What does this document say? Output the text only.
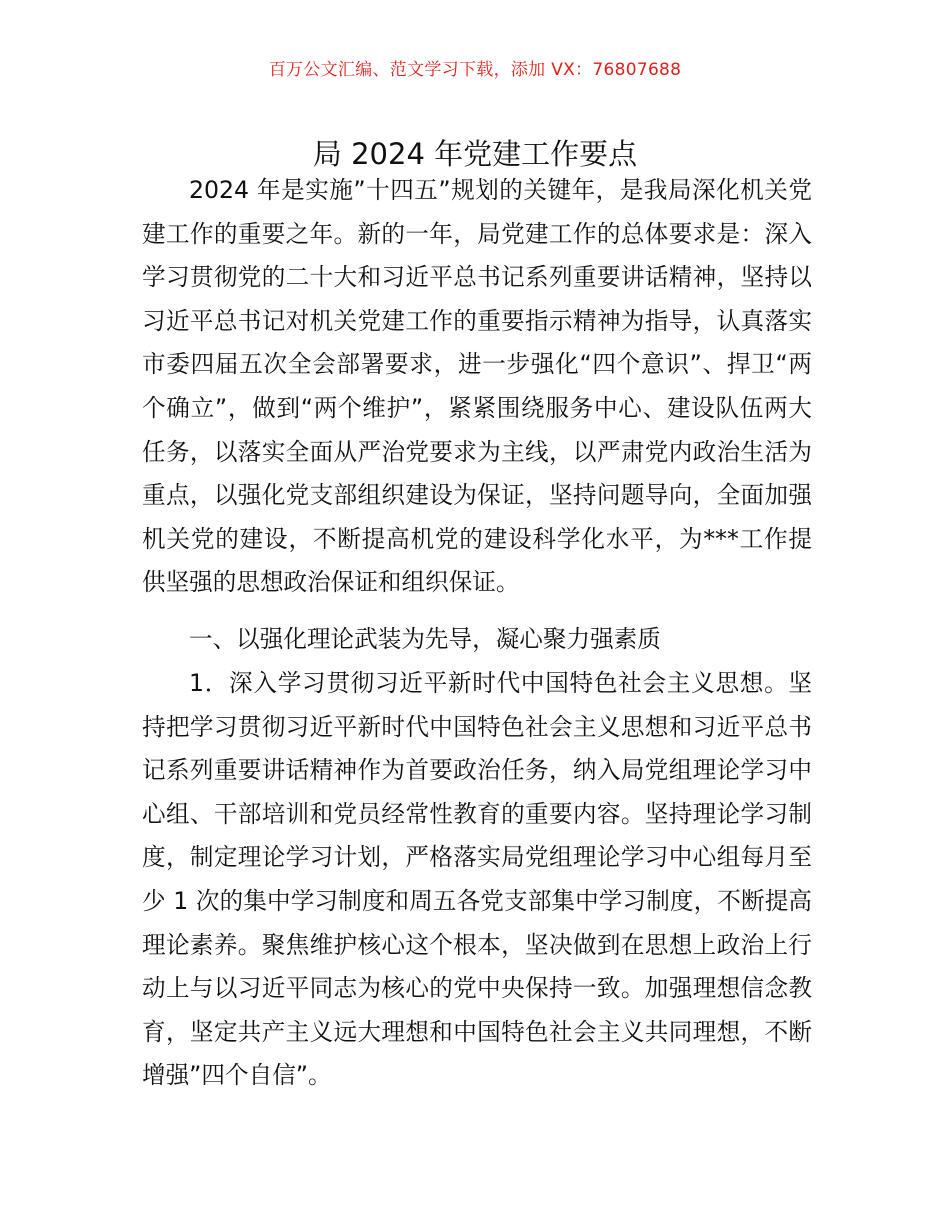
百万公文汇编、范文学习下载，添加 VX：76807688
局 2024 年党建工作要点

2024 年是实施”十四五”规划的关键年，是我局深化机关党建工作的重要之年。新的一年，局党建工作的总体要求是：深入学习贯彻党的二十大和习近平总书记系列重要讲话精神，坚持以习近平总书记对机关党建工作的重要指示精神为指导，认真落实市委四届五次全会部署要求，进一步强化“四个意识”、捍卫“两个确立”，做到“两个维护”，紧紧围绕服务中心、建设队伍两大任务，以落实全面从严治党要求为主线，以严肃党内政治生活为重点，以强化党支部组织建设为保证，坚持问题导向，全面加强机关党的建设，不断提高机党的建设科学化水平，为***工作提供坚强的思想政治保证和组织保证。

一、以强化理论武装为先导，凝心聚力强素质

1．深入学习贯彻习近平新时代中国特色社会主义思想。坚持把学习贯彻习近平新时代中国特色社会主义思想和习近平总书记系列重要讲话精神作为首要政治任务，纳入局党组理论学习中心组、干部培训和党员经常性教育的重要内容。坚持理论学习制度，制定理论学习计划，严格落实局党组理论学习中心组每月至少 1 次的集中学习制度和周五各党支部集中学习制度，不断提高理论素养。聚焦维护核心这个根本，坚决做到在思想上政治上行动上与以习近平同志为核心的党中央保持一致。加强理想信念教育，坚定共产主义远大理想和中国特色社会主义共同理想，不断增强”四个自信”。
